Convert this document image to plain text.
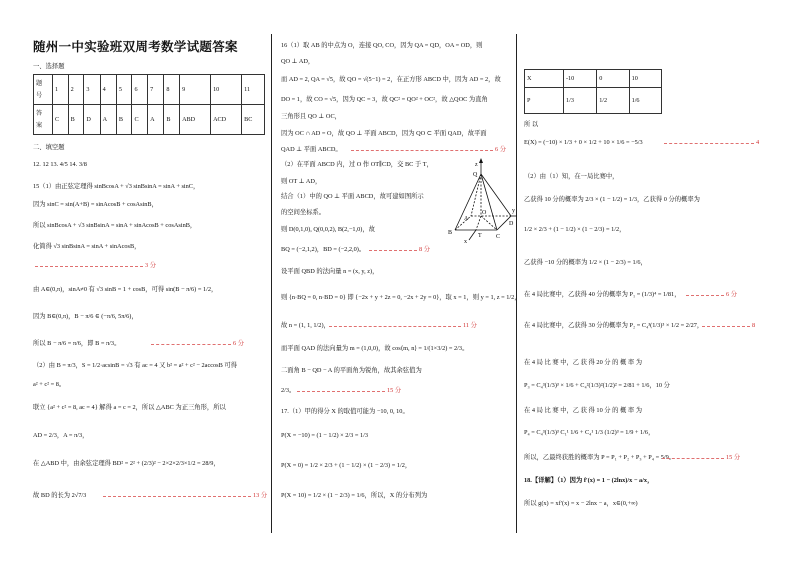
随州一中实验班双周考数学试题答案
一、选择题
题
号	1	2	3	4	5	6	7	8	9	10	11
答
案	C	B	D	A	B	C	A	B	ABD	ACD	BC
二、填空题
12. 12 13. 4/5 14. 3/8
15（1）由正弦定理得 sinBcosA + √3 sinBsinA = sinA + sinC，
因为 sinC = sin(A+B) = sinAcosB + cosAsinB，
所以 sinBcosA + √3 sinBsinA = sinA + sinAcosB + cosAsinB，
化简得 √3 sinBsinA = sinA + sinAcosB，
3 分
由 A∈(0,π)，sinA≠0 有 √3 sinB = 1 + cosB，可得 sin(B − π/6) = 1/2，
因为 B∈(0,π)，B − π/6 ∈ (−π/6, 5π/6)，
所以 B − π/6 = π/6，即 B = π/3。	6 分
（2）由 B = π/3，S = 1/2·acsinB = √3 有 ac = 4 又 b² = a² + c² − 2accosB 可得
a² + c² = 8。
联立 {a² + c² = 8, ac = 4} 解得 a = c = 2，所以 △ABC 为正三角形，所以
AD = 2/3，A = π/3，
在 △ABD 中，由余弦定理得 BD² = 2² + (2/3)² − 2×2×2/3×1/2 = 28/9，
故 BD 的长为 2√7/3	13 分
16（1）取 AB 的中点为 O，连接 QO, CO，因为 QA = QD，OA = OD，则
QO ⊥ AD，
而 AD = 2, QA = √5，故 QO = √(5−1) = 2，在正方形 ABCD 中，因为 AD = 2，故
DO = 1，故 CO = √5，因为 QC = 3，故 QC² = QO² + OC²，故 △QOC 为直角
三角形且 QO ⊥ OC，
因为 OC ∩ AD = O，故 QO ⊥ 平面 ABCD，因为 QO ⊂ 平面 QAD，故平面
QAD ⊥ 平面 ABCD。	6 分
（2）在平面 ABCD 内，过 O 作 OT∥CD，交 BC 于 T，
则 OT ⊥ AD，
结合（1）中的 QO ⊥ 平面 ABCD，故可建如图所示
的空间坐标系。
则 D(0,1,0), Q(0,0,2), B(2,−1,0)，故
BQ = (−2,1,2)，BD = (−2,2,0)。	8 分
设平面 QBD 的法向量 n = (x, y, z)，
则 {n·BQ = 0, n·BD = 0} 即 {−2x + y + 2z = 0, −2x + 2y = 0}，取 x = 1，则 y = 1, z = 1/2，
故 n = (1, 1, 1/2)，	11 分
而平面 QAD 的法向量为 m = (1,0,0)，故 cos⟨m, n⟩ = 1/(1×3/2) = 2/3。
二面角 B − QD − A 的平面角为锐角，故其余弦值为
2/3。	15 分
17.（1）甲的得分 X 的取值可能为 −10, 0, 10。
P(X = −10) = (1 − 1/2) × 2/3 = 1/3
P(X = 0) = 1/2 × 2/3 + (1 − 1/2) × (1 − 2/3) = 1/2，
P(X = 10) = 1/2 × (1 − 2/3) = 1/6，所以，X 的分布列为
z
Q
A
B
C
D
O
T
x
y
X	-10	0	10
P	1/3	1/2	1/6
所 以
E(X) = (−10) × 1/3 + 0 × 1/2 + 10 × 1/6 = −5/3	4
（2）由（1）知，在一局比赛中，
乙获得 10 分的概率为 2/3 × (1 − 1/2) = 1/3，乙获得 0 分的概率为
1/2 × 2/3 + (1 − 1/2) × (1 − 2/3) = 1/2，
乙获得 −10 分的概率为 1/2 × (1 − 2/3) = 1/6，
在 4 局比赛中，乙获得 40 分的概率为 P₁ = (1/3)⁴ = 1/81，	6 分
在 4 局比赛中，乙获得 30 分的概率为 P₂ = C₄³(1/3)³ × 1/2 = 2/27，	8
在 4 局 比 赛 中，乙 获 得 20 分 的 概 率 为
P₃ = C₄³(1/3)³ × 1/6 + C₄²(1/3)²(1/2)² = 2/81 + 1/6，10 分
在 4 局 比 赛 中，乙 获 得 10 分 的 概 率 为
P₄ = C₄³(1/3)³ C₁¹ 1/6 + C₄¹ 1/3 (1/2)³ = 1/9 + 1/6，
所以，乙最终获胜的概率为 P = P₁ + P₂ + P₃ + P₄ = 5/9。	15 分
18.【详解】（1）因为 f′(x) = 1 − (2lnx)/x − a/x，
所以 g(x) = xf′(x) = x − 2lnx − a，x∈(0,+∞)
